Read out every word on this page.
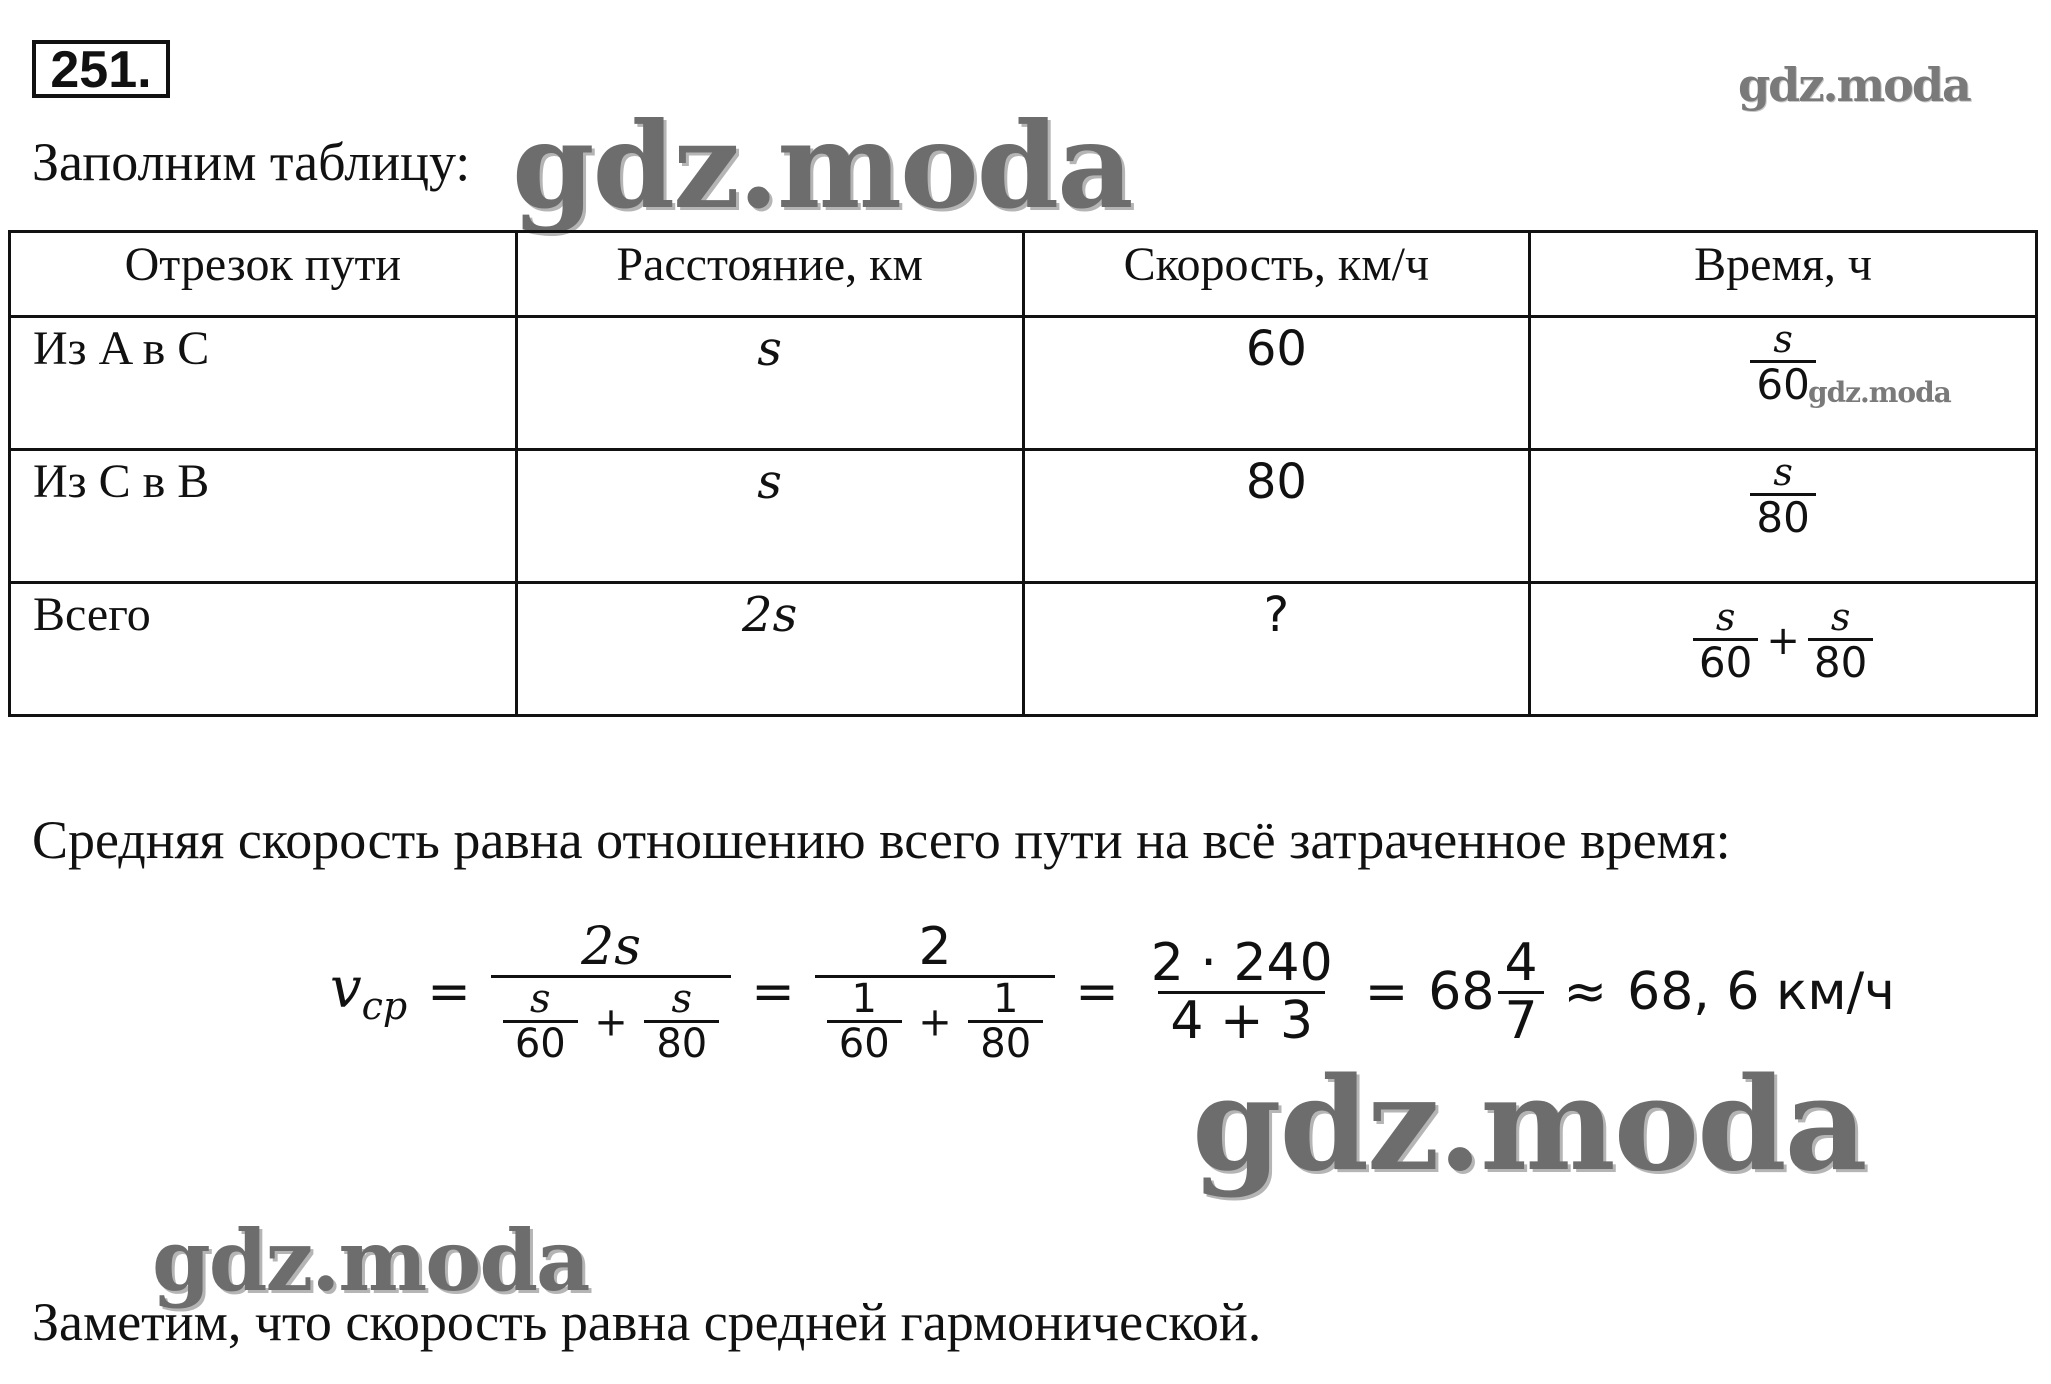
251.	gdz.moda
Заполним таблицу: gdz.moda
Отрезок пути	Расстояние, км	Скорость, км/ч	Время, ч
Из A в C	s	60	$\frac{s}{60}$

Из C в B	s	80	$\frac{s}{80}$

Всего	2s	?	$\frac{s}{60} + \frac{s}{80}$
gdz.moda
Средняя скорость равна отношению всего пути на всё затраченное время:
$v_{ср} = \frac{2s}{\frac{s}{60} + \frac{s}{80}} = \frac{2}{\frac{1}{60} + \frac{1}{80}} = \frac{2 \cdot 240}{4 + 3} = 68 \frac{4}{7} \approx 68$, 6 км/ч
gdz.moda
gdz.moda
Заметим, что скорость равна средней гармонической.
